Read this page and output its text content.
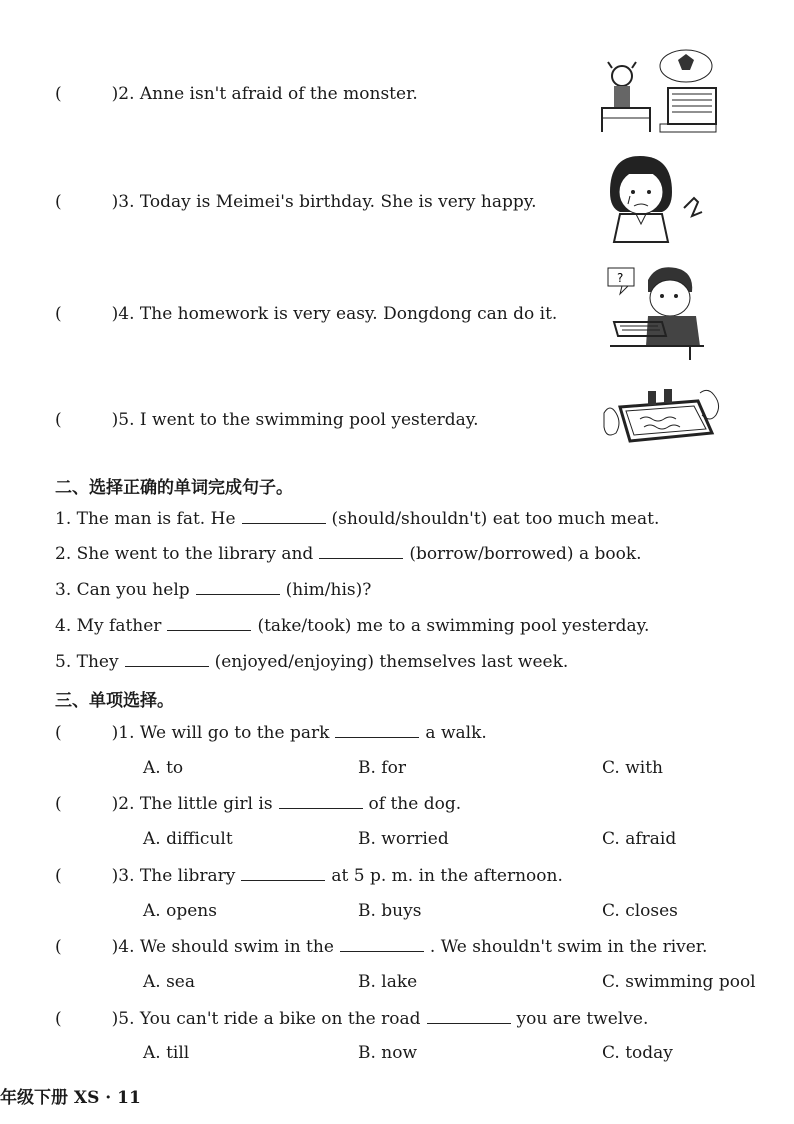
(	)2. Anne isn't afraid of the monster.
(	)3. Today is Meimei's birthday. She is very happy.
(	)4. The homework is very easy. Dongdong can do it.
(	)5. I went to the swimming pool yesterday.
?
二、选择正确的单词完成句子。
1. The man is fat. He	(should/shouldn't) eat too much meat.
2. She went to the library and	(borrow/borrowed) a book.
3. Can you help	(him/his)?
4. My father	(take/took) me to a swimming pool yesterday.
5. They	(enjoyed/enjoying) themselves last week.
三、单项选择。
(	)1. We will go to the park	a walk.
A. to	B. for	C. with
(	)2. The little girl is	of the dog.
A. difficult	B. worried	C. afraid
(	)3. The library	at 5 p. m. in the afternoon.
A. opens	B. buys	C. closes
(	)4. We should swim in the	. We shouldn't swim in the river.
A. sea	B. lake	C. swimming pool
(	)5. You can't ride a bike on the road	you are twelve.
A. till	B. now	C. today
年级下册 XS · 11
